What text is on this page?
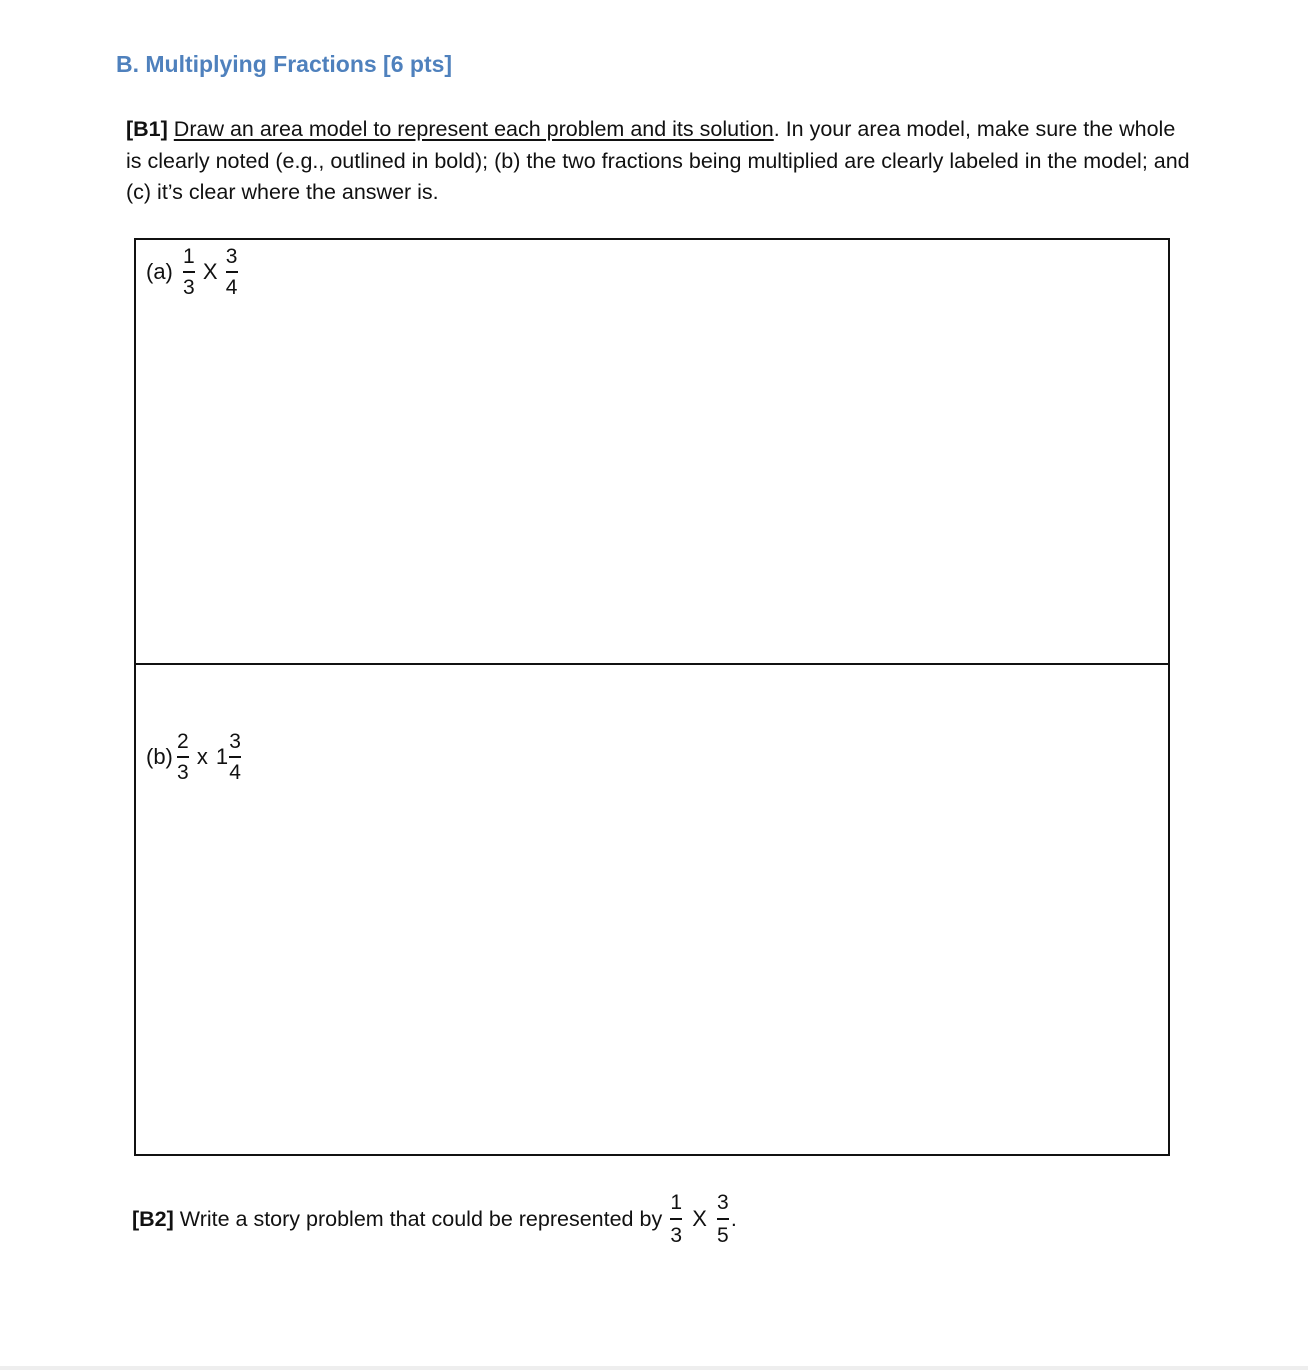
B. Multiplying Fractions [6 pts]
[B1] Draw an area model to represent each problem and its solution. In your area model, make sure the whole is clearly noted (e.g., outlined in bold); (b) the two fractions being multiplied are clearly labeled in the model; and (c) it’s clear where the answer is.
$(a) \frac{1}{3}$ X $\frac{3}{4}$
$(b) \frac{2}{3}$ x $1 \frac{3}{4}$
[B2] Write a story problem that could be represented by $\frac{1}{3}$ X $\frac{3}{5}$ .
